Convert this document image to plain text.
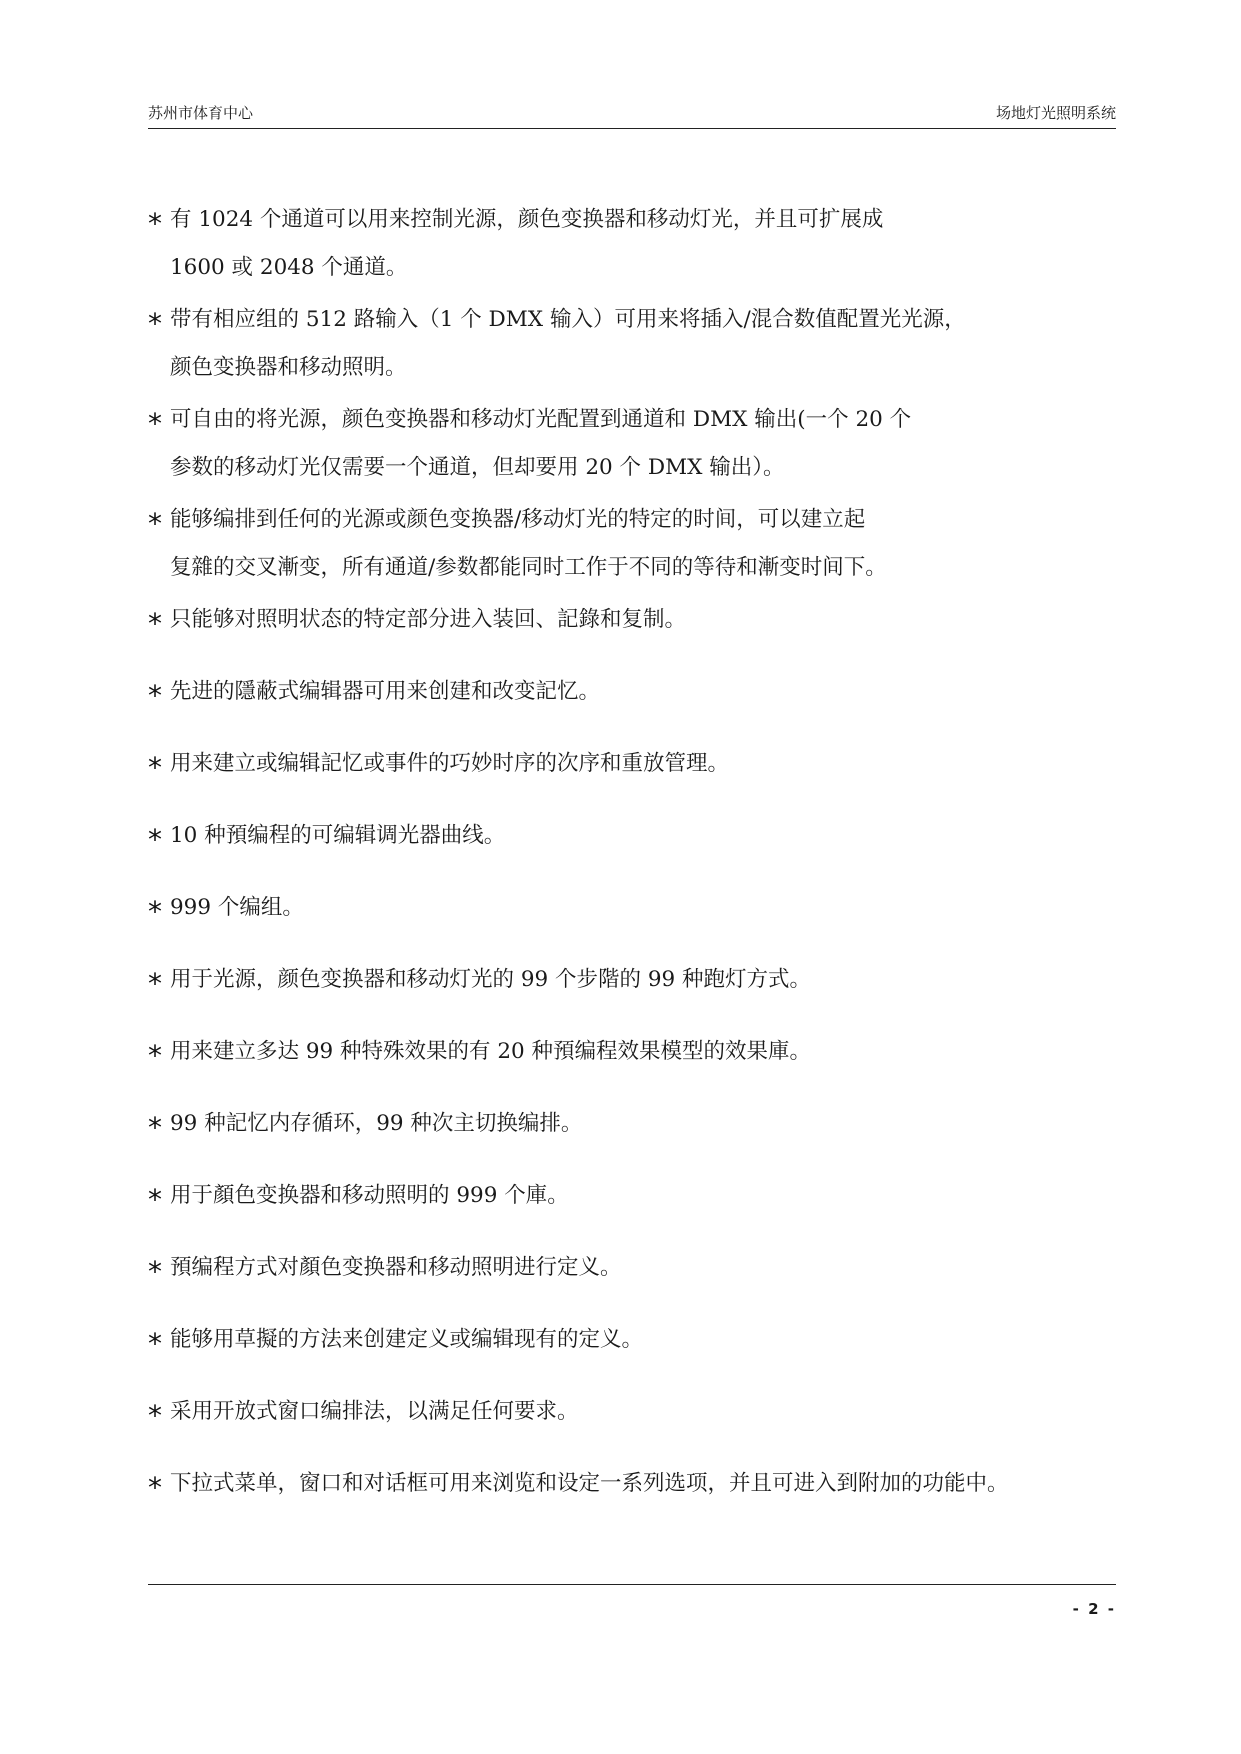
苏州市体育中心	场地灯光照明系统
* 有 1024 个通道可以用来控制光源，颜色变换器和移动灯光，并且可扩展成
1600 或 2048 个通道。
* 带有相应组的 512 路输入（1 个 DMX 输入）可用来将插入/混合数值配置光光源，
颜色变换器和移动照明。
* 可自由的将光源，颜色变换器和移动灯光配置到通道和 DMX 输出(一个 20 个
参数的移动灯光仅需要一个通道，但却要用 20 个 DMX 输出）。
* 能够编排到任何的光源或颜色变换器/移动灯光的特定的时间，可以建立起
复雜的交叉漸变，所有通道/参数都能同时工作于不同的等待和漸变时间下。
* 只能够对照明状态的特定部分进入装回、記錄和复制。
* 先进的隱蔽式编辑器可用来创建和改变記忆。
* 用来建立或编辑記忆或事件的巧妙时序的次序和重放管理。
* 10 种預编程的可编辑调光器曲线。
* 999 个编组。
* 用于光源，颜色变换器和移动灯光的 99 个步階的 99 种跑灯方式。
* 用来建立多达 99 种特殊效果的有 20 种預编程效果模型的效果庫。
* 99 种記忆内存循环，99 种次主切换编排。
* 用于顏色变换器和移动照明的 999 个庫。
* 預编程方式对顏色变换器和移动照明进行定义。
* 能够用草擬的方法来创建定义或编辑现有的定义。
* 采用开放式窗口编排法，以满足任何要求。
* 下拉式菜单，窗口和对话框可用来浏览和设定一系列选项，并且可进入到附加的功能中。
- 2 -
